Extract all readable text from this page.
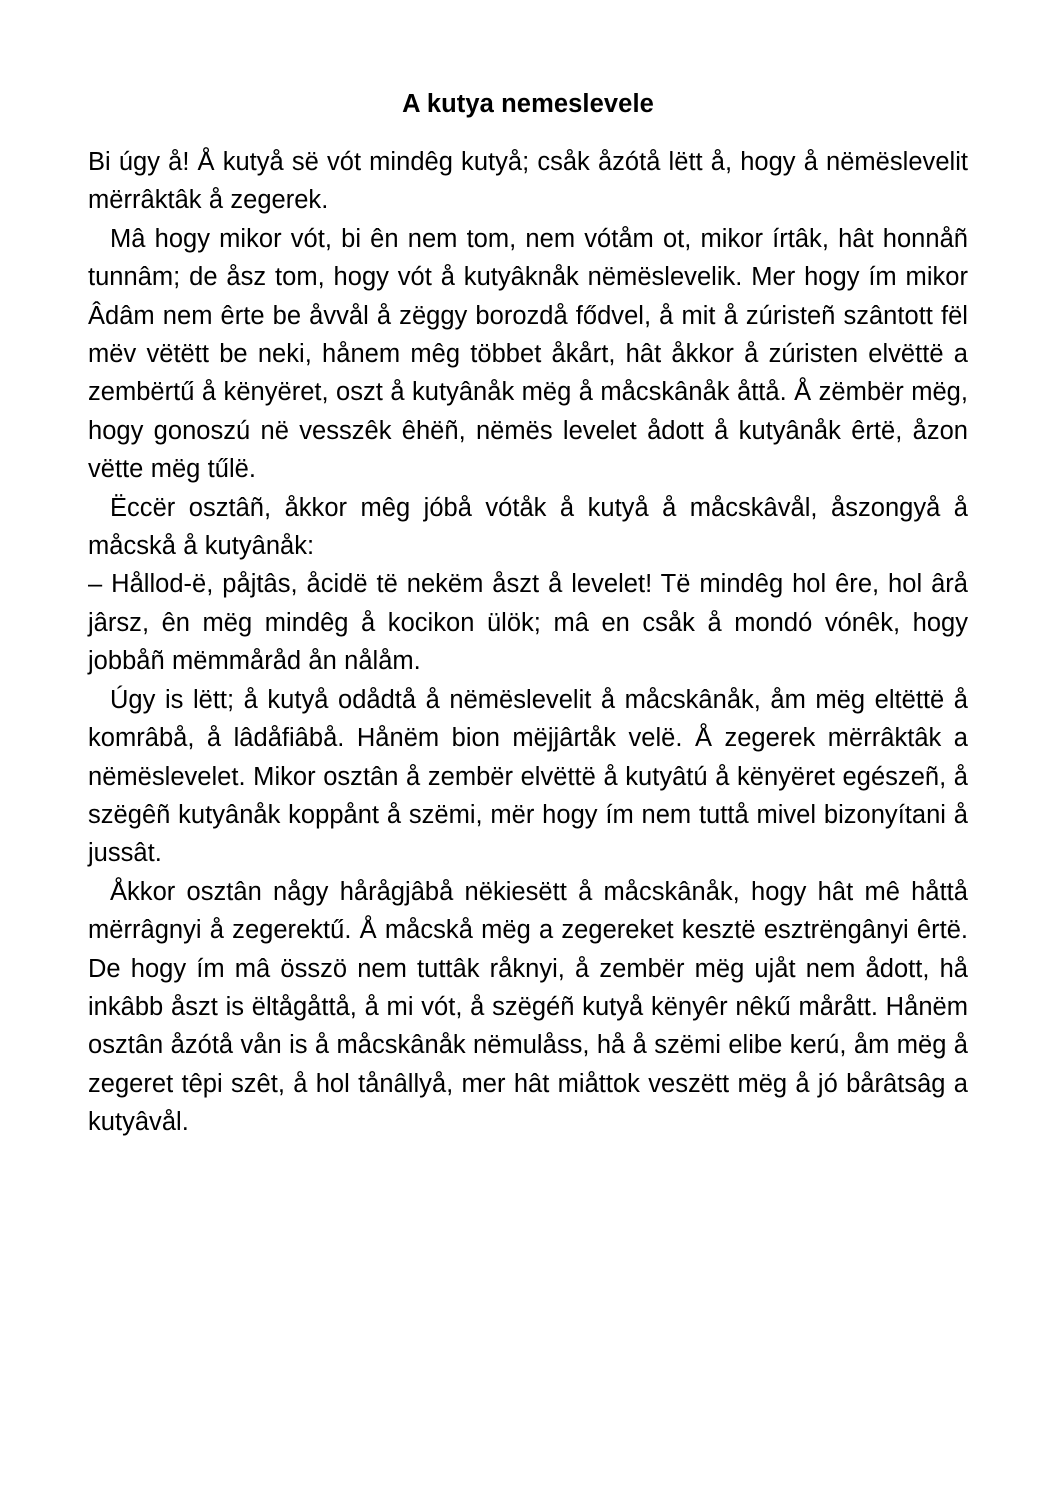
A kutya nemeslevele

Bi úgy å! Å kutyå së vót mindêg kutyå; csåk åzótå lëtt å, hogy å nëmëslevelit mërrâktâk å zegerek.

Mâ hogy mikor vót, bi ên nem tom, nem vótåm ot, mikor írtâk, hât honnåñ tunnâm; de åsz tom, hogy vót å kutyâknåk nëmëslevelik. Mer hogy ím mikor Âdâm nem êrte be åvvål å zëggy borozdå fődvel, å mit å zúristeñ szântott fël mëv vëtëtt be neki, hånem mêg többet åkårt, hât åkkor å zúristen elvëttë a zembërtű å kënyëret, oszt å kutyânåk mëg å måcskânåk åttå. Å zëmbër mëg, hogy gonoszú në vesszêk êhëñ, nëmës levelet ådott å kutyânåk êrtë, åzon vëtte mëg tűlë.

Ëccër osztâñ, åkkor mêg jóbå vótåk å kutyå å måcskâvål, åszongyå å måcskå å kutyânåk:

– Hållod-ë, påjtâs, åcidë të nekëm åszt å levelet! Të mindêg hol êre, hol ârå jârsz, ên mëg mindêg å kocikon ülök; mâ en csåk å mondó vónêk, hogy jobbåñ mëmmåråd ån nålåm.

Úgy is lëtt; å kutyå odådtå å nëmëslevelit å måcskânåk, åm mëg eltëttë å komrâbå, å lâdåfiâbå. Hånëm bion mëjjârtåk velë. Å zegerek mërrâktâk a nëmëslevelet. Mikor osztân å zembër elvëttë å kutyâtú å kënyëret egészeñ, å szëgêñ kutyânåk koppånt å szëmi, mër hogy ím nem tuttå mivel bizonyítani å jussât.

Åkkor osztân någy hårågjâbå nëkiesëtt å måcskânåk, hogy hât mê håttå mërrâgnyi å zegerektű. Å måcskå mëg a zegereket kesztë esztrëngânyi êrtë. De hogy ím mâ összö nem tuttâk råknyi, å zembër mëg ujåt nem ådott, hå inkâbb åszt is ëltågåttå, å mi vót, å szëgéñ kutyå kënyêr nêkű mårått. Hånëm osztân åzótå vån is å måcskânåk nëmulåss, hå å szëmi elibe kerú, åm mëg å zegeret têpi szêt, å hol tånâllyå, mer hât miåttok veszëtt mëg å jó bårâtsâg a kutyâvål.
